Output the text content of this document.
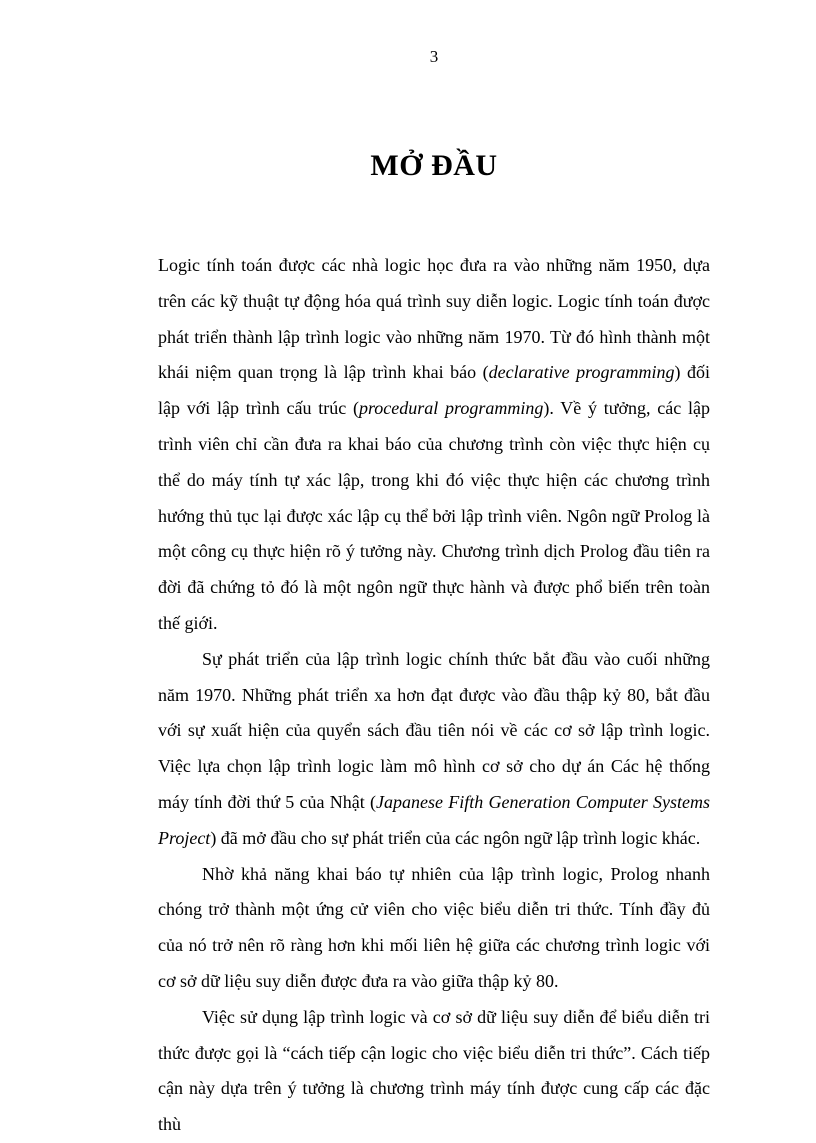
3
MỞ ĐẦU

Logic tính toán được các nhà logic học đưa ra vào những năm 1950, dựa trên các kỹ thuật tự động hóa quá trình suy diễn logic. Logic tính toán được phát triển thành lập trình logic vào những năm 1970. Từ đó hình thành một khái niệm quan trọng là lập trình khai báo (declarative programming) đối lập với lập trình cấu trúc (procedural programming). Về ý tưởng, các lập trình viên chỉ cần đưa ra khai báo của chương trình còn việc thực hiện cụ thể do máy tính tự xác lập, trong khi đó việc thực hiện các chương trình hướng thủ tục lại được xác lập cụ thể bởi lập trình viên. Ngôn ngữ Prolog là một công cụ thực hiện rõ ý tưởng này. Chương trình dịch Prolog đầu tiên ra đời đã chứng tỏ đó là một ngôn ngữ thực hành và được phổ biến trên toàn thế giới.

Sự phát triển của lập trình logic chính thức bắt đầu vào cuối những năm 1970. Những phát triển xa hơn đạt được vào đầu thập kỷ 80, bắt đầu với sự xuất hiện của quyển sách đầu tiên nói về các cơ sở lập trình logic. Việc lựa chọn lập trình logic làm mô hình cơ sở cho dự án Các hệ thống máy tính đời thứ 5 của Nhật (Japanese Fifth Generation Computer Systems Project) đã mở đầu cho sự phát triển của các ngôn ngữ lập trình logic khác.

Nhờ khả năng khai báo tự nhiên của lập trình logic, Prolog nhanh chóng trở thành một ứng cử viên cho việc biểu diễn tri thức. Tính đầy đủ của nó trở nên rõ ràng hơn khi mối liên hệ giữa các chương trình logic với cơ sở dữ liệu suy diễn được đưa ra vào giữa thập kỷ 80.

Việc sử dụng lập trình logic và cơ sở dữ liệu suy diễn để biểu diễn tri thức được gọi là “cách tiếp cận logic cho việc biểu diễn tri thức”. Cách tiếp cận này dựa trên ý tưởng là chương trình máy tính được cung cấp các đặc thù
